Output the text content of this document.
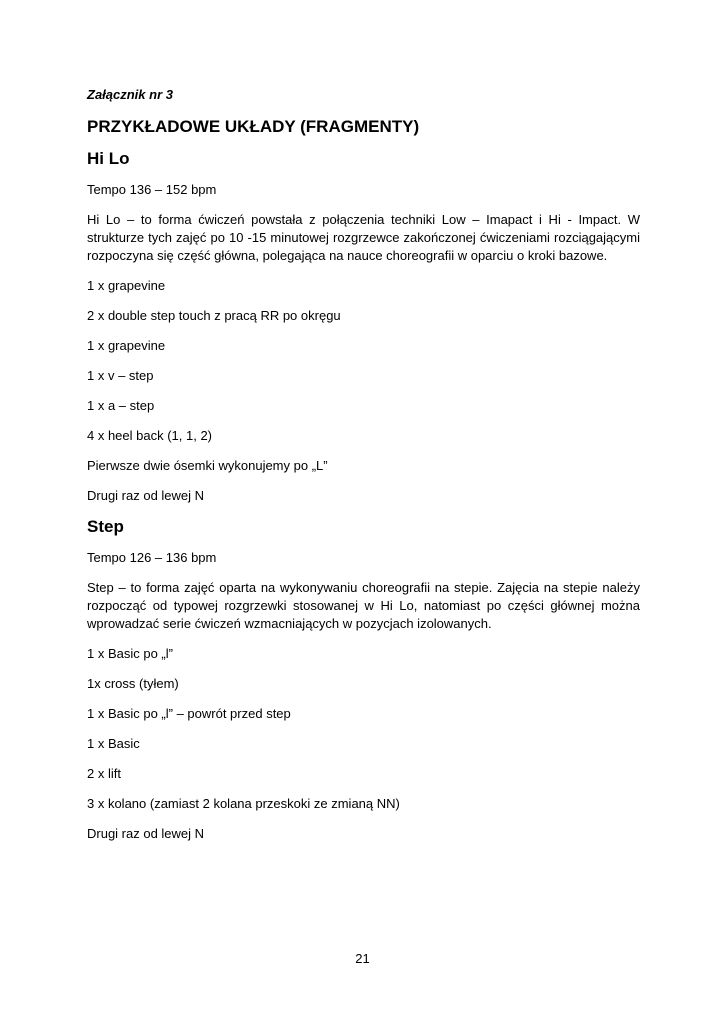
Załącznik nr 3

PRZYKŁADOWE UKŁADY (FRAGMENTY)
Hi Lo

Tempo 136 – 152 bpm

Hi Lo – to forma ćwiczeń powstała z połączenia techniki Low – Imapact i Hi - Impact. W strukturze tych zajęć po 10 -15 minutowej rozgrzewce zakończonej ćwiczeniami rozciągającymi rozpoczyna się część główna, polegająca na nauce choreografii w oparciu o kroki bazowe.

1 x grapevine

2 x double step touch z pracą RR po okręgu

1 x grapevine

1 x v – step

1 x a – step

4 x heel back (1, 1, 2)

Pierwsze dwie ósemki wykonujemy po „L”

Drugi raz od lewej N

Step

Tempo 126 – 136 bpm

Step – to forma zajęć oparta na wykonywaniu choreografii na stepie. Zajęcia na stepie należy rozpocząć od typowej rozgrzewki stosowanej w Hi Lo, natomiast po części głównej można wprowadzać serie ćwiczeń wzmacniających w pozycjach izolowanych.

1 x Basic po „l”

1x cross (tyłem)

1 x Basic po „l” – powrót przed step

1 x Basic

2 x lift

3 x kolano (zamiast 2 kolana przeskoki ze zmianą NN)

Drugi raz od lewej N

21
